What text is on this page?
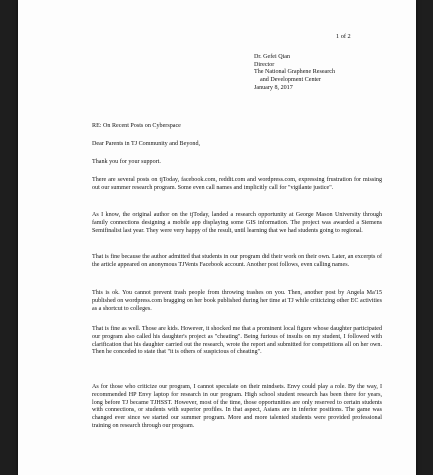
1 of 2
Dr. Gefei Qian
Director
The National Graphene Research
and Development Center
January 8, 2017
RE: On Recent Posts on Cyberspace
Dear Parents in TJ Community and Beyond,
Thank you for your support.
There are several posts on tjToday, facebook.com, reddit.com and wordpress.com, expressing frustration for missing out our summer research program. Some even call names and implicitly call for "vigilante justice".
As I know, the original author on the tjToday, landed a research opportunity at George Mason University through family connections designing a mobile app displaying some GIS information. The project was awarded a Siemens Semifinalist last year. They were very happy of the result, until learning that we had students going to regional.
That is fine because the author admitted that students in our program did their work on their own. Later, an excerpts of the article appeared on anonymous TJVents Facebook account. Another post follows, even calling names.
This is ok. You cannot prevent trash people from throwing trashes on you. Then, another post by Angela Ma'15 published on wordpress.com bragging on her book published during her time at TJ while criticizing other EC activities as a shortcut to colleges.
That is fine as well. Those are kids. However, it shocked me that a prominent local figure whose daughter participated our program also called his daughter's project as "cheating". Being furious of insults on my student, I followed with clarification that his daughter carried out the research, wrote the report and submitted for competitions all on her own. Then he conceded to state that "it is others of suspicious of cheating".
As for those who criticize our program, I cannot speculate on their mindsets. Envy could play a role. By the way, I recommended HP Envy laptop for research in our program. High school student research has been there for years, long before TJ became TJHSST. However, most of the time, those opportunities are only reserved to certain students with connections, or students with superior profiles. In that aspect, Asians are in inferior positions. The game was changed ever since we started our summer program. More and more talented students were provided professional training on research through our program.
